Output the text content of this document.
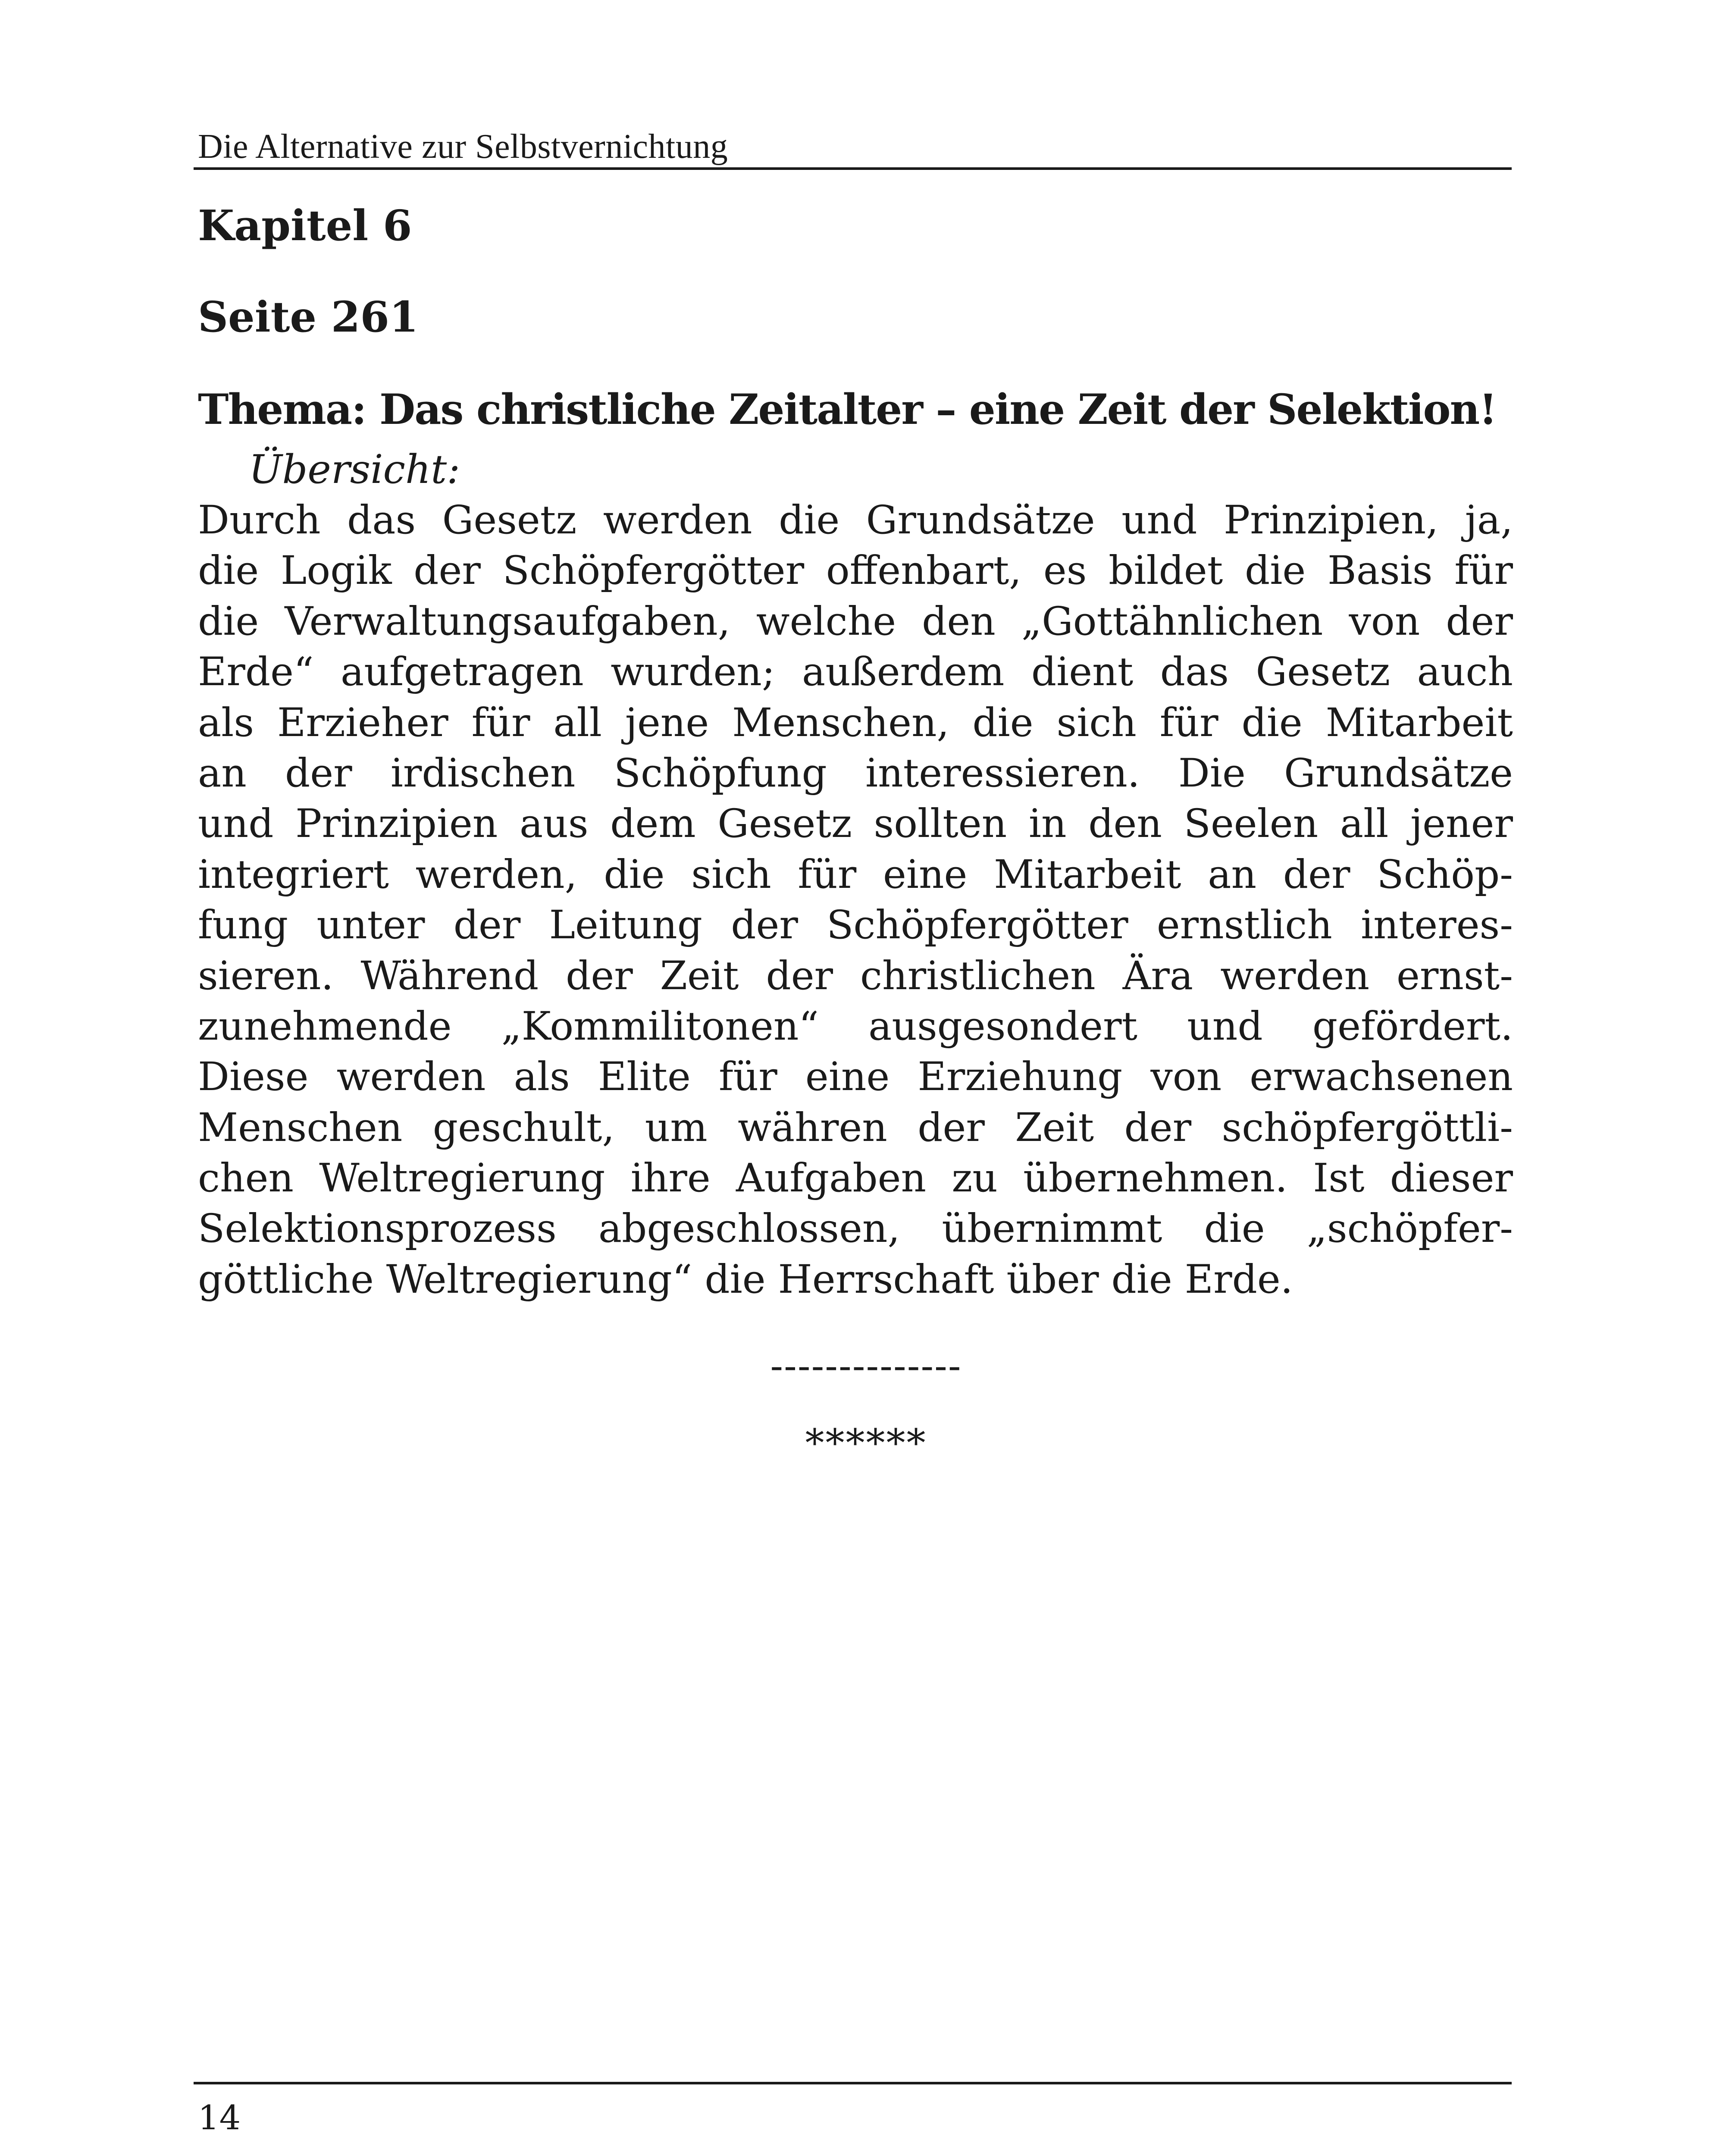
Die Alternative zur Selbstvernichtung
Kapitel 6
Seite 261
Thema: Das christliche Zeitalter – eine Zeit der Selektion!
Übersicht:
Durch das Gesetz werden die Grundsätze und Prinzipien, ja,
die Logik der Schöpfergötter offenbart, es bildet die Basis für
die Verwaltungsaufgaben, welche den „Gottähnlichen von der
Erde“ aufgetragen wurden; außerdem dient das Gesetz auch
als Erzieher für all jene Menschen, die sich für die Mitarbeit
an der irdischen Schöpfung interessieren. Die Grundsätze
und Prinzipien aus dem Gesetz sollten in den Seelen all jener
integriert werden, die sich für eine Mitarbeit an der Schöp-
fung unter der Leitung der Schöpfergötter ernstlich interes-
sieren. Während der Zeit der christlichen Ära werden ernst-
zunehmende „Kommilitonen“ ausgesondert und gefördert.
Diese werden als Elite für eine Erziehung von erwachsenen
Menschen geschult, um währen der Zeit der schöpfergöttli-
chen Weltregierung ihre Aufgaben zu übernehmen. Ist dieser
Selektionsprozess abgeschlossen, übernimmt die „schöpfer-
göttliche Weltregierung“ die Herrschaft über die Erde.
--------------
******
14
